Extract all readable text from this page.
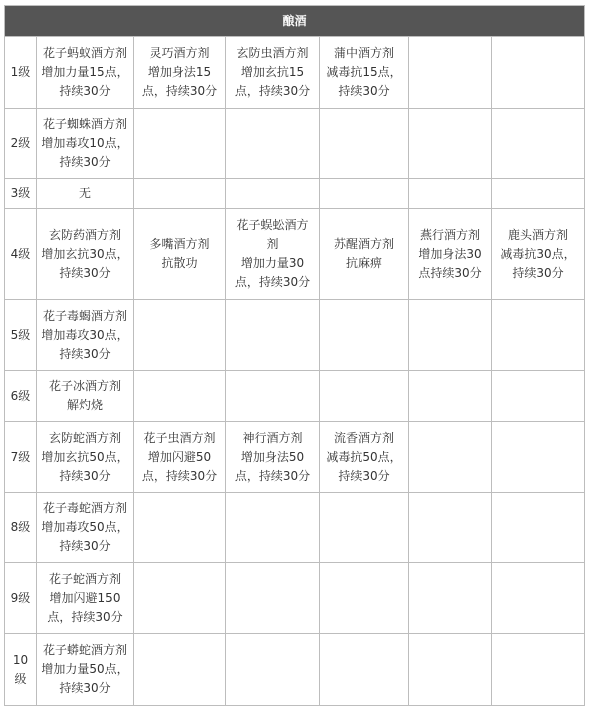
酿酒						

1级	花子蚂蚁酒方剂
增加力量15点，
持续30分	灵巧酒方剂
增加身法15
点，持续30分	玄防虫酒方剂
增加玄抗15
点，持续30分	蒲中酒方剂
减毒抗15点，
持续30分		

2级	花子蜘蛛酒方剂
增加毒攻10点，
持续30分					

3级	无					

4级	玄防药酒方剂
增加玄抗30点，
持续30分	多嘴酒方剂
抗散功	花子蜈蚣酒方
剂
增加力量30
点，持续30分	苏醒酒方剂
抗麻痹	燕行酒方剂
增加身法30
点持续30分	鹿头酒方剂
减毒抗30点，
持续30分

5级	花子毒蝎酒方剂
增加毒攻30点，
持续30分					

6级	花子冰酒方剂
解灼烧					

7级	玄防蛇酒方剂
增加玄抗50点，
持续30分	花子虫酒方剂
增加闪避50
点，持续30分	神行酒方剂
增加身法50
点，持续30分	流香酒方剂
减毒抗50点，
持续30分		

8级	花子毒蛇酒方剂
增加毒攻50点，
持续30分					

9级	花子蛇酒方剂
增加闪避150
点，持续30分					

10
级	花子蟒蛇酒方剂
增加力量50点，
持续30分					
